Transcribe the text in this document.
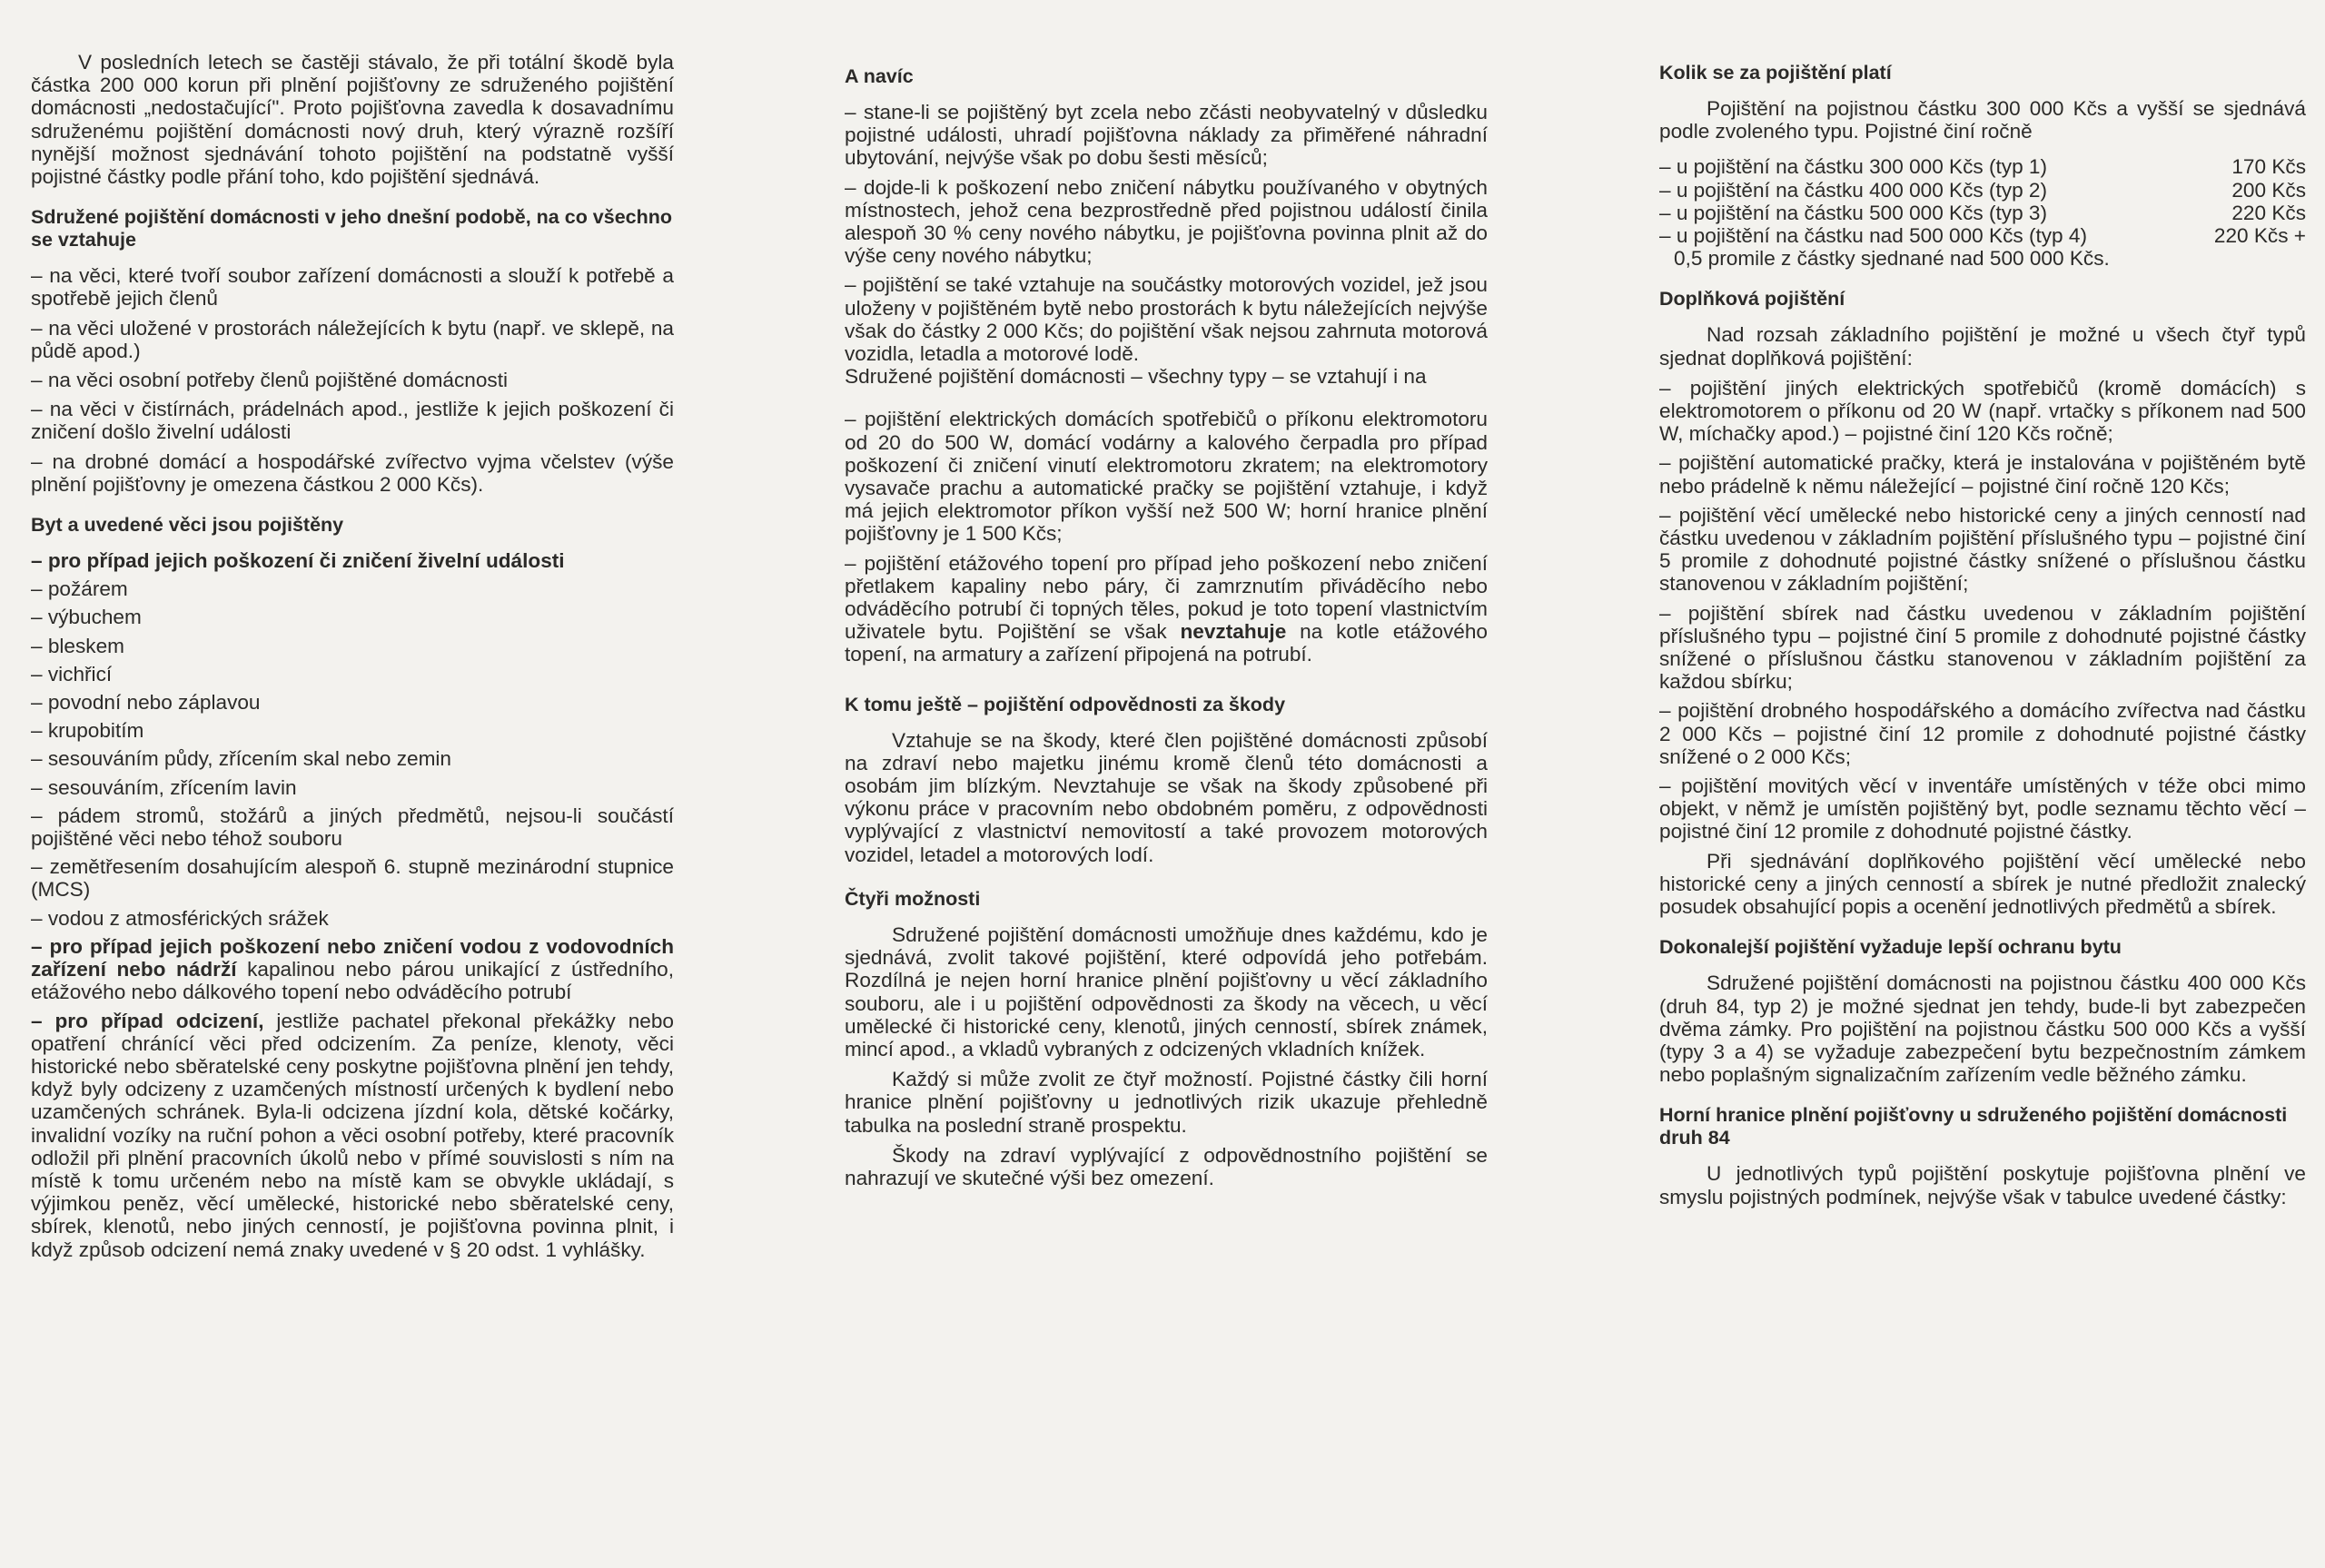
V posledních letech se častěji stávalo, že při totální škodě byla částka 200 000 korun při plnění pojišťovny ze sdruženého pojištění domácnosti „nedostačující". Proto pojišťovna zavedla k dosavadnímu sdruženému pojištění domácnosti nový druh, který výrazně rozšíří nynější možnost sjednávání tohoto pojištění na podstatně vyšší pojistné částky podle přání toho, kdo pojištění sjednává.

Sdružené pojištění domácnosti v jeho dnešní podobě, na co všechno se vztahuje

– na věci, které tvoří soubor zařízení domácnosti a slouží k potřebě a spotřebě jejich členů

– na věci uložené v prostorách náležejících k bytu (např. ve sklepě, na půdě apod.)

– na věci osobní potřeby členů pojištěné domácnosti

– na věci v čistírnách, prádelnách apod., jestliže k jejich poškození či zničení došlo živelní události

– na drobné domácí a hospodářské zvířectvo vyjma včelstev (výše plnění pojišťovny je omezena částkou 2 000 Kčs).

Byt a uvedené věci jsou pojištěny

– pro případ jejich poškození či zničení živelní události

– požárem

– výbuchem

– bleskem

– vichřicí

– povodní nebo záplavou

– krupobitím

– sesouváním půdy, zřícením skal nebo zemin

– sesouváním, zřícením lavin

– pádem stromů, stožárů a jiných předmětů, nejsou-li součástí pojištěné věci nebo téhož souboru

– zemětřesením dosahujícím alespoň 6. stupně mezinárodní stupnice (MCS)

– vodou z atmosférických srážek

– pro případ jejich poškození nebo zničení vodou z vodovodních zařízení nebo nádrží kapalinou nebo párou unikající z ústředního, etážového nebo dálkového topení nebo odváděcího potrubí

– pro případ odcizení, jestliže pachatel překonal překážky nebo opatření chránící věci před odcizením. Za peníze, klenoty, věci historické nebo sběratelské ceny poskytne pojišťovna plnění jen tehdy, když byly odcizeny z uzamčených místností určených k bydlení nebo uzamčených schránek. Byla-li odcizena jízdní kola, dětské kočárky, invalidní vozíky na ruční pohon a věci osobní potřeby, které pracovník odložil při plnění pracovních úkolů nebo v přímé souvislosti s ním na místě k tomu určeném nebo na místě kam se obvykle ukládají, s výjimkou peněz, věcí umělecké, historické nebo sběratelské ceny, sbírek, klenotů, nebo jiných cenností, je pojišťovna povinna plnit, i když způsob odcizení nemá znaky uvedené v § 20 odst. 1 vyhlášky.

A navíc

– stane-li se pojištěný byt zcela nebo zčásti neobyvatelný v důsledku pojistné události, uhradí pojišťovna náklady za přiměřené náhradní ubytování, nejvýše však po dobu šesti měsíců;

– dojde-li k poškození nebo zničení nábytku používaného v obytných místnostech, jehož cena bezprostředně před pojistnou událostí činila alespoň 30 % ceny nového nábytku, je pojišťovna povinna plnit až do výše ceny nového nábytku;

– pojištění se také vztahuje na součástky motorových vozidel, jež jsou uloženy v pojištěném bytě nebo prostorách k bytu náležejících nejvýše však do částky 2 000 Kčs; do pojištění však nejsou zahrnuta motorová vozidla, letadla a motorové lodě.

Sdružené pojištění domácnosti – všechny typy – se vztahují i na

– pojištění elektrických domácích spotřebičů o příkonu elektromotoru od 20 do 500 W, domácí vodárny a kalového čerpadla pro případ poškození či zničení vinutí elektromotoru zkratem; na elektromotory vysavače prachu a automatické pračky se pojištění vztahuje, i když má jejich elektromotor příkon vyšší než 500 W; horní hranice plnění pojišťovny je 1 500 Kčs;

– pojištění etážového topení pro případ jeho poškození nebo zničení přetlakem kapaliny nebo páry, či zamrznutím přiváděcího nebo odváděcího potrubí či topných těles, pokud je toto topení vlastnictvím uživatele bytu. Pojištění se však nevztahuje na kotle etážového topení, na armatury a zařízení připojená na potrubí.

K tomu ještě – pojištění odpovědnosti za škody

Vztahuje se na škody, které člen pojištěné domácnosti způsobí na zdraví nebo majetku jinému kromě členů této domácnosti a osobám jim blízkým. Nevztahuje se však na škody způsobené při výkonu práce v pracovním nebo obdobném poměru, z odpovědnosti vyplývající z vlastnictví nemovitostí a také provozem motorových vozidel, letadel a motorových lodí.

Čtyři možnosti

Sdružené pojištění domácnosti umožňuje dnes každému, kdo je sjednává, zvolit takové pojištění, které odpovídá jeho potřebám. Rozdílná je nejen horní hranice plnění pojišťovny u věcí základního souboru, ale i u pojištění odpovědnosti za škody na věcech, u věcí umělecké či historické ceny, klenotů, jiných cenností, sbírek známek, mincí apod., a vkladů vybraných z odcizených vkladních knížek.

Každý si může zvolit ze čtyř možností. Pojistné částky čili horní hranice plnění pojišťovny u jednotlivých rizik ukazuje přehledně tabulka na poslední straně prospektu.

Škody na zdraví vyplývající z odpovědnostního pojištění se nahrazují ve skutečné výši bez omezení.

Kolik se za pojištění platí

Pojištění na pojistnou částku 300 000 Kčs a vyšší se sjednává podle zvoleného typu. Pojistné činí ročně

– u pojištění na částku 300 000 Kčs (typ 1)	170 Kčs
– u pojištění na částku 400 000 Kčs (typ 2)	200 Kčs
– u pojištění na částku 500 000 Kčs (typ 3)	220 Kčs
– u pojištění na částku nad 500 000 Kčs (typ 4)	220 Kčs +
0,5 promile z částky sjednané nad 500 000 Kčs.
Doplňková pojištění

Nad rozsah základního pojištění je možné u všech čtyř typů sjednat doplňková pojištění:

– pojištění jiných elektrických spotřebičů (kromě domácích) s elektromotorem o příkonu od 20 W (např. vrtačky s příkonem nad 500 W, míchačky apod.) – pojistné činí 120 Kčs ročně;

– pojištění automatické pračky, která je instalována v pojištěném bytě nebo prádelně k němu náležející – pojistné činí ročně 120 Kčs;

– pojištění věcí umělecké nebo historické ceny a jiných cenností nad částku uvedenou v základním pojištění příslušného typu – pojistné činí 5 promile z dohodnuté pojistné částky snížené o příslušnou částku stanovenou v základním pojištění;

– pojištění sbírek nad částku uvedenou v základním pojištění příslušného typu – pojistné činí 5 promile z dohodnuté pojistné částky snížené o příslušnou částku stanovenou v základním pojištění za každou sbírku;

– pojištění drobného hospodářského a domácího zvířectva nad částku 2 000 Kčs – pojistné činí 12 promile z dohodnuté pojistné částky snížené o 2 000 Kčs;

– pojištění movitých věcí v inventáře umístěných v téže obci mimo objekt, v němž je umístěn pojištěný byt, podle seznamu těchto věcí – pojistné činí 12 promile z dohodnuté pojistné částky.

Při sjednávání doplňkového pojištění věcí umělecké nebo historické ceny a jiných cenností a sbírek je nutné předložit znalecký posudek obsahující popis a ocenění jednotlivých předmětů a sbírek.

Dokonalejší pojištění vyžaduje lepší ochranu bytu

Sdružené pojištění domácnosti na pojistnou částku 400 000 Kčs (druh 84, typ 2) je možné sjednat jen tehdy, bude-li byt zabezpečen dvěma zámky. Pro pojištění na pojistnou částku 500 000 Kčs a vyšší (typy 3 a 4) se vyžaduje zabezpečení bytu bezpečnostním zámkem nebo poplašným signalizačním zařízením vedle běžného zámku.

Horní hranice plnění pojišťovny u sdruženého pojištění domácnosti druh 84

U jednotlivých typů pojištění poskytuje pojišťovna plnění ve smyslu pojistných podmínek, nejvýše však v tabulce uvedené částky:
